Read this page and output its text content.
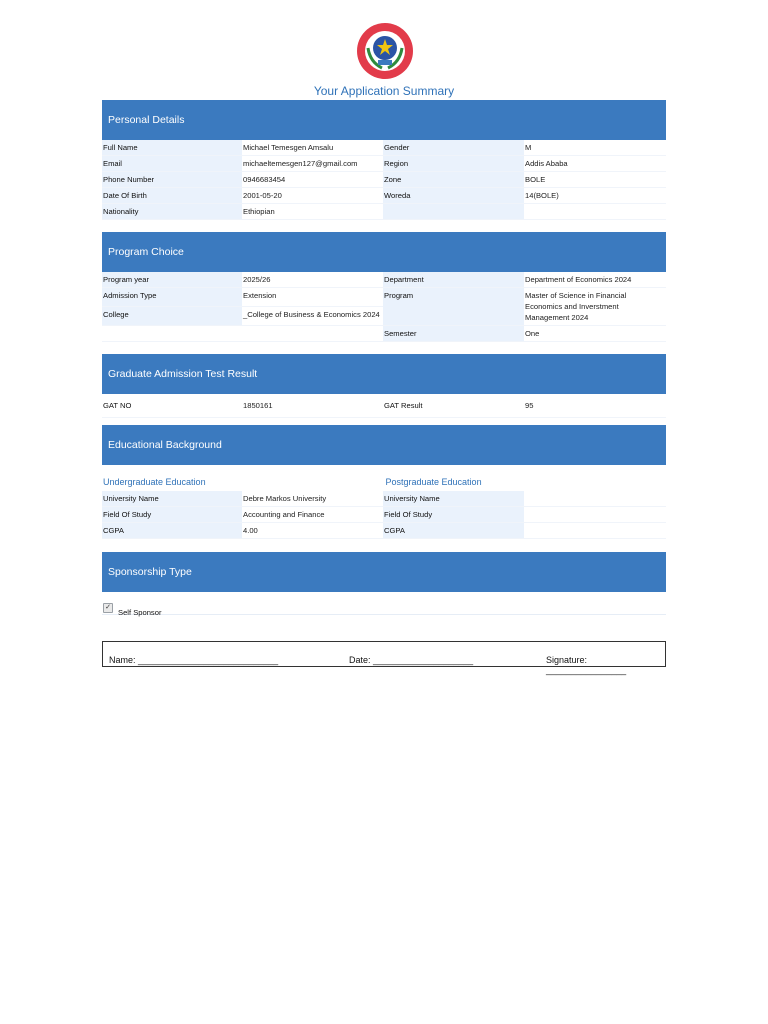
Your Application Summary
Personal Details
Full Name	Michael Temesgen Amsalu	Gender	M
Email	michaeltemesgen127@gmail.com	Region	Addis Ababa
Phone Number	0946683454	Zone	BOLE
Date Of Birth	2001-05-20	Woreda	14(BOLE)
Nationality	Ethiopian		
Program Choice
Program year	2025/26	Department	Department of Economics 2024
Admission Type	Extension	Program	Master of Science in Financial Economics and Inverstment Management 2024
College	_College of Business & Economics 2024		
		Semester	One
Graduate Admission Test Result
GAT NO	1850161	GAT Result	95
Educational Background
Undergraduate Education	Postgraduate Education
University Name	Debre Markos University	University Name	
Field Of Study	Accounting and Finance	Field Of Study	
CGPA	4.00	CGPA	
Sponsorship Type
✓
Self Sponsor
Name: ____________________________	Date: ____________________	Signature: ________________
